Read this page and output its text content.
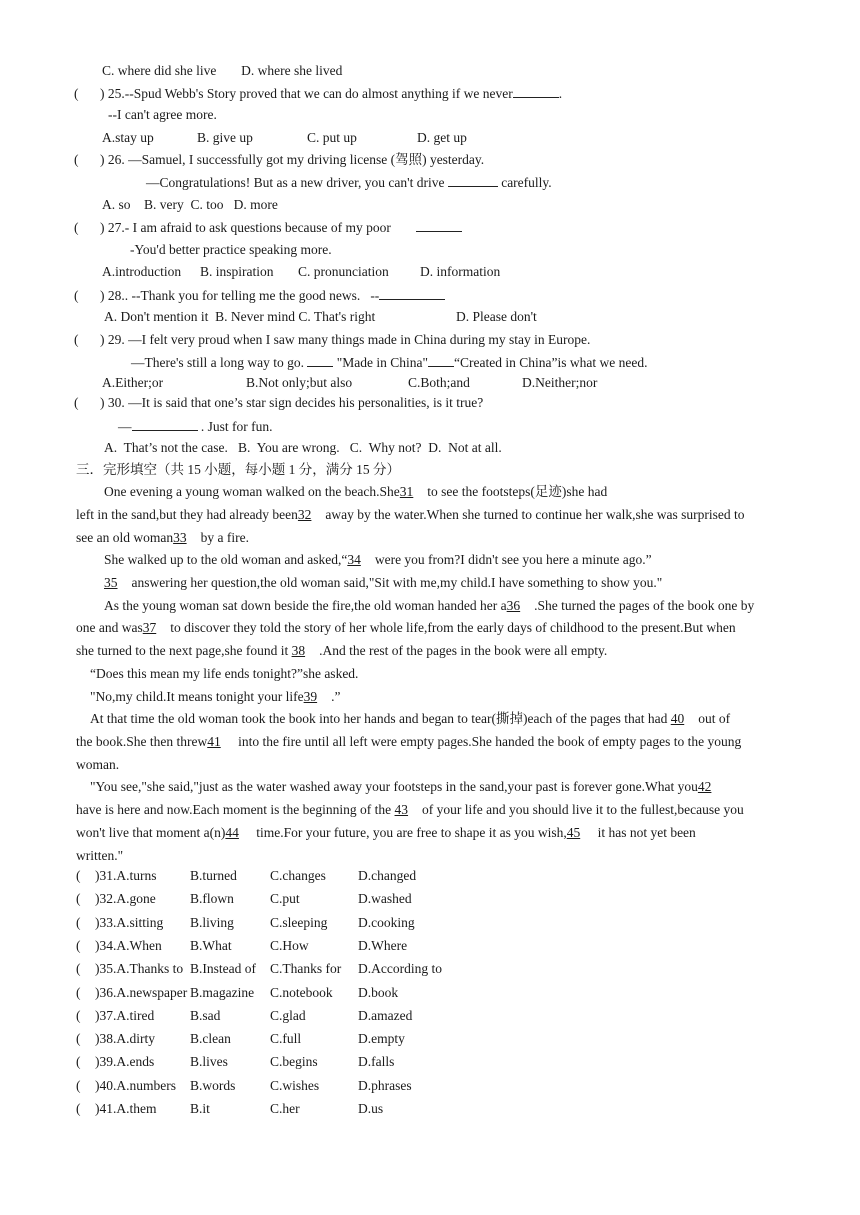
C. where did she live D. where she lived
( ) 25.--Spud Webb's Story proved that we can do almost anything if we never	.
--I can't agree more.
A.stay up	B. give up	C. put up	D. get up
( ) 26. —Samuel, I successfully got my driving license (驾照) yesterday.
—Congratulations! But as a new driver, you can't drive	carefully.
A. so    B. very  C. too   D. more
( ) 27.- I am afraid to ask questions because of my poor
-You'd better practice speaking more.
A.introduction B. inspiration C. pronunciation D. information
( ) 28.. --Thank you for telling me the good news.   --
A. Don't mention it  B. Never mind C. That's right	D. Please don't
( ) 29. —I felt very proud when I saw many things made in China during my stay in Europe.
—There's still a long way to go. "Made in China" “Created in China”is what we need.
A.Either;or	B.Not only;but also	C.Both;and	D.Neither;nor
( ) 30. —It is said that one’s star sign decides his personalities, is it true?
—	. Just for fun.
A.  That’s not the case.   B.  You are wrong.   C.  Why not?  D.  Not at all.
三．完形填空（共 15 小题，每小题 1 分，满分 15 分）
One evening a young woman walked on the beach.She31 to see the footsteps(足迹)she had
left in the sand,but they had already been32 away by the water.When she turned to continue her walk,she was surprised to
see an old woman33 by a fire.
She walked up to the old woman and asked,“34 were you from?I didn't see you here a minute ago.”
35 answering her question,the old woman said,"Sit with me,my child.I have something to show you."
As the young woman sat down beside the fire,the old woman handed her a36 .She turned the pages of the book one by
one and was37 to discover they told the story of her whole life,from the early days of childhood to the present.But when
she turned to the next page,she found it 38 .And the rest of the pages in the book were all empty.
“Does this mean my life ends tonight?”she asked.
"No,my child.It means tonight your life39 .”
At that time the old woman took the book into her hands and began to tear(撕掉)each of the pages that had 40 out of
the book.She then threw41 into the fire until all left were empty pages.She handed the book of empty pages to the young
woman.
"You see,"she said,"just as the water washed away your footsteps in the sand,your past is forever gone.What you42
have is here and now.Each moment is the beginning of the 43 of your life and you should live it to the fullest,because you
won't live that moment a(n)44 time.For your future, you are free to shape it as you wish,45 it has not yet been
written."
( )31.A.turns B.turned C.changes D.changed
( )32.A.gone	B.flown	C.put	D.washed
( )33.A.sitting B.living	C.sleeping D.cooking
( )34.A.When B.What	C.How	D.Where
( )35.A.Thanks to B.Instead of C.Thanks for D.According to
( )36.A.newspaper B.magazine C.notebook D.book
( )37.A.tired	B.sad	C.glad	D.amazed
( )38.A.dirty	B.clean	C.full	D.empty
( )39.A.ends	B.lives	C.begins	D.falls
( )40.A.numbers B.words	C.wishes	D.phrases
( )41.A.them B.it	C.her	D.us
